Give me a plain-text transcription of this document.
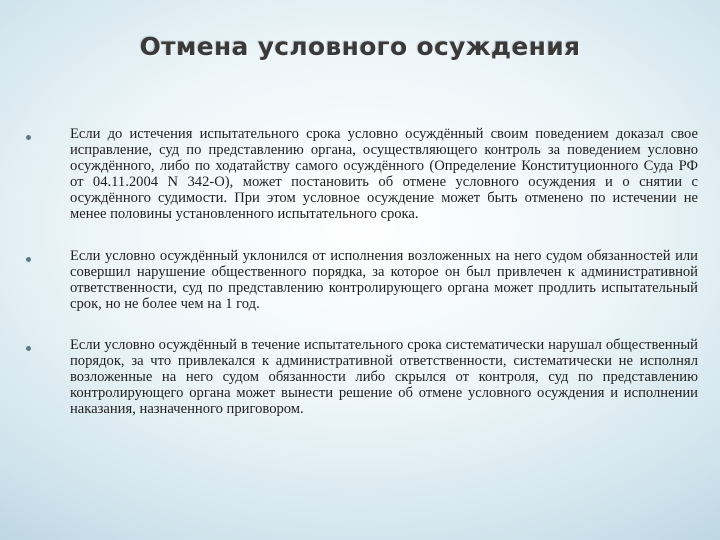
Отмена условного осуждения
Если до истечения испытательного срока условно осуждённый своим поведением доказал свое исправление, суд по представлению органа, осуществляющего контроль за поведением условно осуждённого, либо по ходатайству самого осуждённого (Определение Конституционного Суда РФ от 04.11.2004 N 342-О), может постановить об отмене условного осуждения и о снятии с осуждённого судимости. При этом условное осуждение может быть отменено по истечении не менее половины установленного испытательного срока.
Если условно осуждённый уклонился от исполнения возложенных на него судом обязанностей или совершил нарушение общественного порядка, за которое он был привлечен к административной ответственности, суд по представлению контролирующего органа может продлить испытательный срок, но не более чем на 1 год.
Если условно осуждённый в течение испытательного срока систематически нарушал общественный порядок, за что привлекался к административной ответственности, систематически не исполнял возложенные на него судом обязанности либо скрылся от контроля, суд по представлению контролирующего органа может вынести решение об отмене условного осуждения и исполнении наказания, назначенного приговором.
